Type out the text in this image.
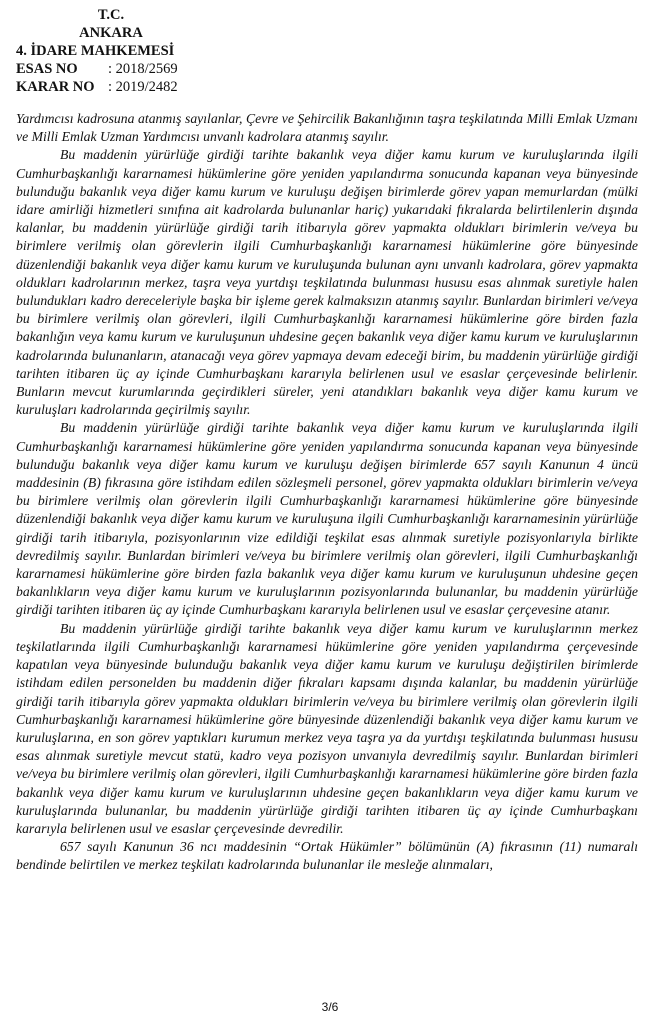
T.C.
ANKARA
4. İDARE MAHKEMESİ
ESAS NO	: 2018/2569
KARAR NO : 2019/2482

Yardımcısı kadrosuna atanmış sayılanlar, Çevre ve Şehircilik Bakanlığının taşra teşkilatında Milli Emlak Uzmanı ve Milli Emlak Uzman Yardımcısı unvanlı kadrolara atanmış sayılır.

Bu maddenin yürürlüğe girdiği tarihte bakanlık veya diğer kamu kurum ve kuruluşlarında ilgili Cumhurbaşkanlığı kararnamesi hükümlerine göre yeniden yapılandırma sonucunda kapanan veya bünyesinde bulunduğu bakanlık veya diğer kamu kurum ve kuruluşu değişen birimlerde görev yapan memurlardan (mülki idare amirliği hizmetleri sınıfına ait kadrolarda bulunanlar hariç) yukarıdaki fıkralarda belirtilenlerin dışında kalanlar, bu maddenin yürürlüğe girdiği tarih itibarıyla görev yapmakta oldukları birimlerin ve/veya bu birimlere verilmiş olan görevlerin ilgili Cumhurbaşkanlığı kararnamesi hükümlerine göre bünyesinde düzenlendiği bakanlık veya diğer kamu kurum ve kuruluşunda bulunan aynı unvanlı kadrolara, görev yapmakta oldukları kadrolarının merkez, taşra veya yurtdışı teşkilatında bulunması hususu esas alınmak suretiyle halen bulundukları kadro dereceleriyle başka bir işleme gerek kalmaksızın atanmış sayılır. Bunlardan birimleri ve/veya bu birimlere verilmiş olan görevleri, ilgili Cumhurbaşkanlığı kararnamesi hükümlerine göre birden fazla bakanlığın veya kamu kurum ve kuruluşunun uhdesine geçen bakanlık veya diğer kamu kurum ve kuruluşlarının kadrolarında bulunanların, atanacağı veya görev yapmaya devam edeceği birim, bu maddenin yürürlüğe girdiği tarihten itibaren üç ay içinde Cumhurbaşkanı kararıyla belirlenen usul ve esaslar çerçevesinde belirlenir. Bunların mevcut kurumlarında geçirdikleri süreler, yeni atandıkları bakanlık veya diğer kamu kurum ve kuruluşları kadrolarında geçirilmiş sayılır.

Bu maddenin yürürlüğe girdiği tarihte bakanlık veya diğer kamu kurum ve kuruluşlarında ilgili Cumhurbaşkanlığı kararnamesi hükümlerine göre yeniden yapılandırma sonucunda kapanan veya bünyesinde bulunduğu bakanlık veya diğer kamu kurum ve kuruluşu değişen birimlerde 657 sayılı Kanunun 4 üncü maddesinin (B) fıkrasına göre istihdam edilen sözleşmeli personel, görev yapmakta oldukları birimlerin ve/veya bu birimlere verilmiş olan görevlerin ilgili Cumhurbaşkanlığı kararnamesi hükümlerine göre bünyesinde düzenlendiği bakanlık veya diğer kamu kurum ve kuruluşuna ilgili Cumhurbaşkanlığı kararnamesinin yürürlüğe girdiği tarih itibarıyla, pozisyonlarının vize edildiği teşkilat esas alınmak suretiyle pozisyonlarıyla birlikte devredilmiş sayılır. Bunlardan birimleri ve/veya bu birimlere verilmiş olan görevleri, ilgili Cumhurbaşkanlığı kararnamesi hükümlerine göre birden fazla bakanlık veya diğer kamu kurum ve kuruluşunun uhdesine geçen bakanlıkların veya diğer kamu kurum ve kuruluşlarının pozisyonlarında bulunanlar, bu maddenin yürürlüğe girdiği tarihten itibaren üç ay içinde Cumhurbaşkanı kararıyla belirlenen usul ve esaslar çerçevesine atanır.

Bu maddenin yürürlüğe girdiği tarihte bakanlık veya diğer kamu kurum ve kuruluşlarının merkez teşkilatlarında ilgili Cumhurbaşkanlığı kararnamesi hükümlerine göre yeniden yapılandırma çerçevesinde kapatılan veya bünyesinde bulunduğu bakanlık veya diğer kamu kurum ve kuruluşu değiştirilen birimlerde istihdam edilen personelden bu maddenin diğer fıkraları kapsamı dışında kalanlar, bu maddenin yürürlüğe girdiği tarih itibarıyla görev yapmakta oldukları birimlerin ve/veya bu birimlere verilmiş olan görevlerin ilgili Cumhurbaşkanlığı kararnamesi hükümlerine göre bünyesinde düzenlendiği bakanlık veya diğer kamu kurum ve kuruluşlarına, en son görev yaptıkları kurumun merkez veya taşra ya da yurtdışı teşkilatında bulunması hususu esas alınmak suretiyle mevcut statü, kadro veya pozisyon unvanıyla devredilmiş sayılır. Bunlardan birimleri ve/veya bu birimlere verilmiş olan görevleri, ilgili Cumhurbaşkanlığı kararnamesi hükümlerine göre birden fazla bakanlık veya diğer kamu kurum ve kuruluşlarının uhdesine geçen bakanlıkların veya diğer kamu kurum ve kuruluşlarında bulunanlar, bu maddenin yürürlüğe girdiği tarihten itibaren üç ay içinde Cumhurbaşkanı kararıyla belirlenen usul ve esaslar çerçevesinde devredilir.

657 sayılı Kanunun 36 ncı maddesinin “Ortak Hükümler” bölümünün (A) fıkrasının (11) numaralı bendinde belirtilen ve merkez teşkilatı kadrolarında bulunanlar ile mesleğe alınmaları,

3/6
